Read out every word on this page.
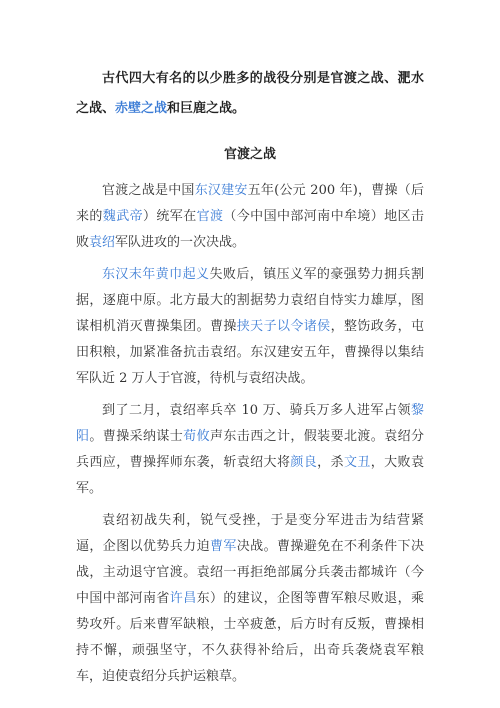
古代四大有名的以少胜多的战役分别是官渡之战、淝水之战、赤壁之战和巨鹿之战。

官渡之战

官渡之战是中国东汉建安五年(公元 200 年)，曹操（后来的魏武帝）统军在官渡（今中国中部河南中牟境）地区击败袁绍军队进攻的一次决战。

东汉末年黄巾起义失败后，镇压义军的豪强势力拥兵割据，逐鹿中原。北方最大的割据势力袁绍自恃实力雄厚，图谋相机消灭曹操集团。曹操挟天子以令诸侯，整饬政务，屯田积粮，加紧准备抗击袁绍。东汉建安五年，曹操得以集结军队近 2 万人于官渡，待机与袁绍决战。

到了二月，袁绍率兵卒 10 万、骑兵万多人进军占领黎阳。曹操采纳谋士荀攸声东击西之计，假装要北渡。袁绍分兵西应，曹操挥师东袭，斩袁绍大将颜良，杀文丑，大败袁军。

袁绍初战失利，锐气受挫，于是变分军进击为结营紧逼，企图以优势兵力迫曹军决战。曹操避免在不利条件下决战，主动退守官渡。袁绍一再拒绝部属分兵袭击都城许（今中国中部河南省许昌东）的建议，企图等曹军粮尽败退，乘势攻歼。后来曹军缺粮，士卒疲惫，后方时有反叛，曹操相持不懈，顽强坚守，不久获得补给后，出奇兵袭烧袁军粮车，迫使袁绍分兵护运粮草。
